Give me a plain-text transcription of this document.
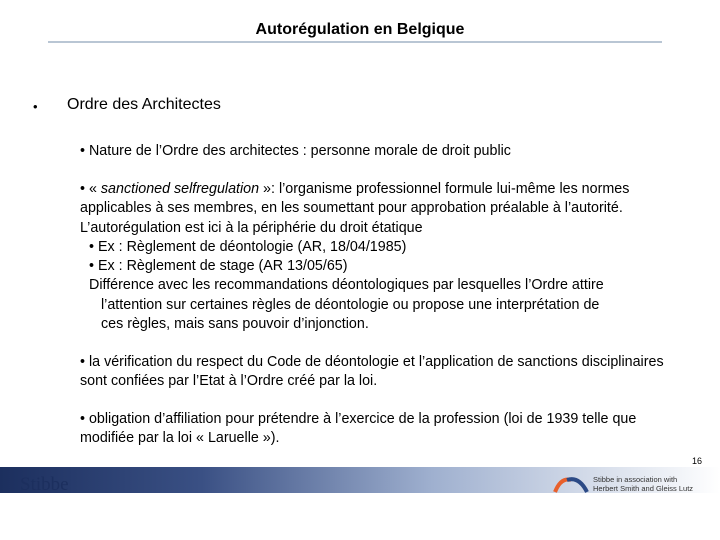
Autorégulation en Belgique
• Ordre des Architectes
• Nature de l’Ordre des architectes : personne morale de droit public
• « sanctioned selfregulation »: l’organisme professionnel formule lui-même les normes applicables à ses membres, en les soumettant pour approbation préalable à l’autorité. L’autorégulation est ici à la périphérie du droit étatique
• Ex : Règlement de déontologie (AR, 18/04/1985)
• Ex : Règlement de stage (AR 13/05/65)
Différence avec les recommandations déontologiques par lesquelles l’Ordre attire
l’attention sur certaines règles de déontologie ou propose une interprétation de
ces règles, mais sans pouvoir d’injonction.
• la vérification du respect du Code de déontologie et l’application de sanctions disciplinaires sont confiées par l’Etat à l’Ordre créé par la loi.
• obligation d’affiliation pour prétendre à l’exercice de la profession (loi de 1939 telle que modifiée par la loi « Laruelle »).
16
Stibbe	Stibbe in association with
Herbert Smith and Gleiss Lutz
